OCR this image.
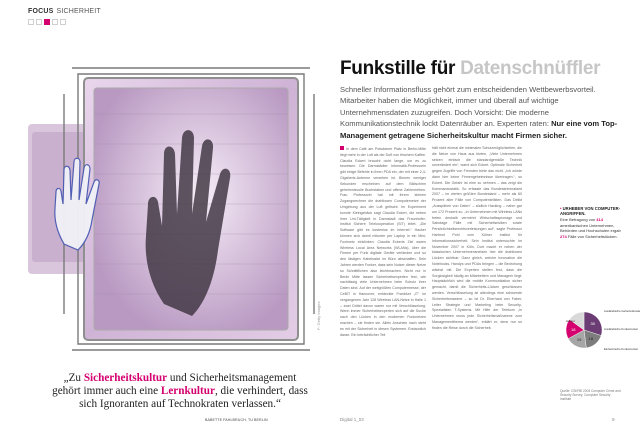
FOCUS SICHERHEIT
F: Getty Images
„Zu Sicherheitskultur und Sicherheitsmanagement gehört immer auch eine Lernkultur, die verhindert, dass sich Ignoranten auf Technokraten verlassen.“
BABETTE FAHLBRUCH, TU BERLIN
Funkstille für Datenschnüffler
Schneller Informationsfluss gehört zum entscheidenden Wettbewerbsvorteil. Mitarbeiter haben die Möglichkeit, immer und überall auf wichtige Unternehmensdaten zuzugreifen. Doch Vorsicht: Die moderne Kommunikationstechnik lockt Datenräuber an. Experten raten: Nur eine vom Top-Management getragene Sicherheitskultur macht Firmen sicher.
In dem Café am Potsdamer Platz in Berlin-Mitte liegt mehr in der Luft als der Duft von frischem Kaffee. Claudia Eckert braucht nicht lange, um es zu beweisen. Die Darmstädter Informatik-Professorin gibt einige Befehle in ihren PDA ein, der mit einer 2,4-Gigahertz-Antenne versehen ist. Binnen weniger Sekunden erscheinen auf dem Bildschirm geheimnisvolle Buchstaben und offene Zahlenreihen. Frau Professorin hat mit ihrem kleinen Zugangsrechner die drahtlosen Computernetze der Umgebung aus der Luft gefischt. Im Experiment konnte Kleingebäck sagt Claudia Eckert, die neben ihrer Uni-Tätigkeit in Darmstadt das Fraunhofer-Institut Sichere Telekooperation (SIT) leitet. „Die Software gibt es kostenlos im Internet.“ Hacker können sich damit mitunter per Laptop in ein Mini-Funknetz einklinken. Claudia Eckerts Ziel waren Wireless Local Area Networks (WLANs), über die Firmen per Funk digitale Geräte verbinden und so den lästigen Kabelsalat im Büro abschaffen. Sein Jahren werden Funker, dass sein Nutzer dieser Netze so Schnittflichen also leichtmachen. Nicht nur in Berlin Mitte lassen Sicherheitsexperten fest, wie nachlässig viele Unternehmen beim Schutz ihrer Daten sind. Auf der weltgrößten Computermesse, der CeBIT in Hannover, entdeckte Frankfurt „IT“ im vergangenen Jahr 128 Wireless LAN-Netze in Halle 1 – zwei Drittel davon waren nur mit Verschlüsselung. Wenn immer Sicherheitsexperten sich auf die Suche nach den Lücken in den modernen Funknetzen machen – sie finden sie. Allein Anschein nach steht es mit der Sicherheit in diesen Systemen. Erstaunlich daran: Ein beträchtlicher Teil
hält nicht einmal die minimalen Schutzmöglichkeiten, die die Netze von Haus aus bieten. „Viele Unternehmen setzen einfach die standardgemäße Technik unverändert ein“, warnt sich Eckert. Optimale Sicherheit gegen Zugriffe von Fremden biete das nicht. „Ich würde dann hier keine Firmengeheimnisse übertragen.“, so Eckert. Die Gefahr ist eine zu nehmen – das zeigt die Kommandostatik. So erfasste das Bundeskriminalamt 2007 – im vierten größten Bundesland – mehr als 60 Prozent aller Fälle von Computerdelikten. Das Delikt „Ausspähen von Daten“ – südlich Hacking – nahm gar um 172 Prozent zu. „In Unternehmen mit Wireless LANs treten deshalb vermehrt Wirtschaftsspionage und Sabotage Fälle mit Sicherheitsrisiken sowie Persönlichkeitsrechtsverletzungen auf“, sagte Professor Hartmut Pohl vom Kölner Institut für Informationssicherheit. Sein Institut untersuchte im November 2007 in Köln, Dort macht er neben der klassischen Unternehmensnetzen hier die drahtlosen Lücken sichtbar. Ganz gleich, welche Innovation die Notebooks, Handys und PDAs bringen – die Bedrohung wächst mit. Die Experten stellen fest, dass die Sorglosigkeit häufig an Mitarbeitern und Managern liegt: Hauptsächlich wird die mobile Kommunikation sicher gemacht, damit die Sicherheits-Lücken geschlossen werden. Verschlüsselung ist allerdings eine schwerste Sicherheitsmaxime – so ist Dr. Eberhard von Faber, Leiter Strategie und Marketing beim Security-Spezialisten T-Systems. Mit Hilfe der Telekom „In Unternehmen muss jede Sicherheitsmaßnahme zum Managementthema werden“, erklärt er, denn nur so finden die Reise durch die Sicherheit.
• URHEBER VON COMPUTER-ANGRIFFEN.
Eine Befragung von 414 amerikanischen Unternehmen, Behörden und Hochschulen ergab 274 Fälle von Sicherheitslücken.
30
18
19
18
Ausländische Geheimdienste
Ausländische Konkurrenten
Einheimische Konkurrenten
Hacker
Quelle: CSI/FBI 2003 Computer Crime and Security Survey; Computer Security Institute
Digital 1_03	9
